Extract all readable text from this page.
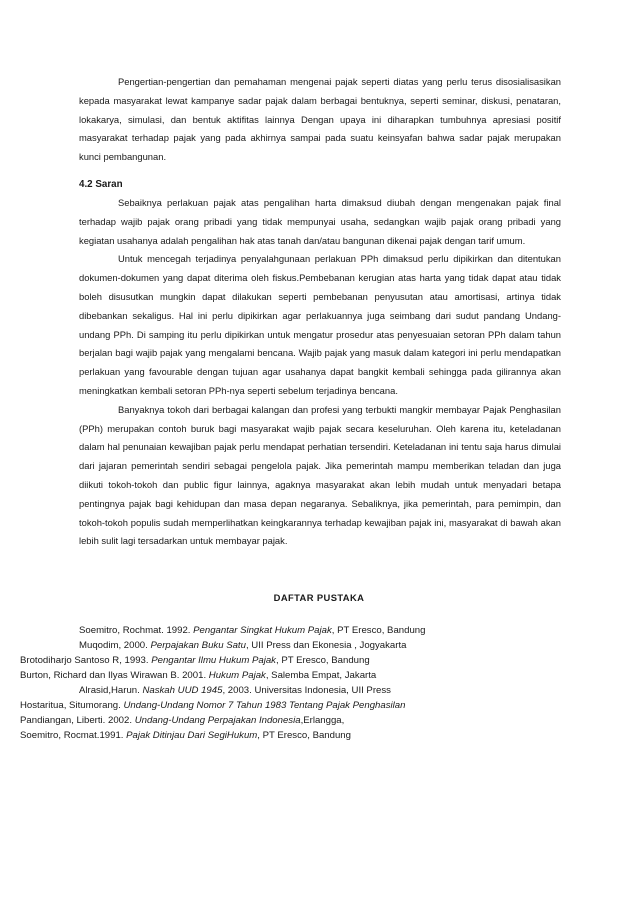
Pengertian-pengertian dan pemahaman mengenai pajak seperti diatas yang perlu terus disosialisasikan kepada masyarakat lewat kampanye sadar pajak dalam berbagai bentuknya, seperti seminar, diskusi, penataran, lokakarya, simulasi, dan bentuk aktifitas lainnya Dengan upaya ini diharapkan tumbuhnya apresiasi positif masyarakat terhadap pajak yang pada akhirnya sampai pada suatu keinsyafan bahwa sadar pajak merupakan kunci pembangunan.

4.2 Saran

Sebaiknya perlakuan pajak atas pengalihan harta dimaksud diubah dengan mengenakan pajak final terhadap wajib pajak orang pribadi yang tidak mempunyai usaha, sedangkan wajib pajak orang pribadi yang kegiatan usahanya adalah pengalihan hak atas tanah dan/atau bangunan dikenai pajak dengan tarif umum.

Untuk mencegah terjadinya penyalahgunaan perlakuan PPh dimaksud perlu dipikirkan dan ditentukan dokumen-dokumen yang dapat diterima oleh fiskus.Pembebanan kerugian atas harta yang tidak dapat atau tidak boleh disusutkan mungkin dapat dilakukan seperti pembebanan penyusutan atau amortisasi, artinya tidak dibebankan sekaligus. Hal ini perlu dipikirkan agar perlakuannya juga seimbang dari sudut pandang Undang-undang PPh. Di samping itu perlu dipikirkan untuk mengatur prosedur atas penyesuaian setoran PPh dalam tahun berjalan bagi wajib pajak yang mengalami bencana. Wajib pajak yang masuk dalam kategori ini perlu mendapatkan perlakuan yang favourable dengan tujuan agar usahanya dapat bangkit kembali sehingga pada gilirannya akan meningkatkan kembali setoran PPh-nya seperti sebelum terjadinya bencana.

Banyaknya tokoh dari berbagai kalangan dan profesi yang terbukti mangkir membayar Pajak Penghasilan (PPh) merupakan contoh buruk bagi masyarakat wajib pajak secara keseluruhan. Oleh karena itu, keteladanan dalam hal penunaian kewajiban pajak perlu mendapat perhatian tersendiri. Keteladanan ini tentu saja harus dimulai dari jajaran pemerintah sendiri sebagai pengelola pajak. Jika pemerintah mampu memberikan teladan dan juga diikuti tokoh-tokoh dan public figur lainnya, agaknya masyarakat akan lebih mudah untuk menyadari betapa pentingnya pajak bagi kehidupan dan masa depan negaranya. Sebaliknya, jika pemerintah, para pemimpin, dan tokoh-tokoh populis sudah memperlihatkan keingkarannya terhadap kewajiban pajak ini, masyarakat di bawah akan lebih sulit lagi tersadarkan untuk membayar pajak.

DAFTAR PUSTAKA
Soemitro, Rochmat. 1992. Pengantar Singkat Hukum Pajak, PT Eresco, Bandung
Muqodim, 2000. Perpajakan Buku Satu, UII Press dan Ekonesia , Jogyakarta
Brotodiharjo Santoso R, 1993. Pengantar Ilmu Hukum Pajak, PT Eresco, Bandung
Burton, Richard dan Ilyas Wirawan B. 2001. Hukum Pajak, Salemba Empat, Jakarta
Alrasid,Harun. Naskah UUD 1945, 2003. Universitas Indonesia, UII Press
Hostaritua, Situmorang. Undang-Undang Nomor 7 Tahun 1983 Tentang Pajak Penghasilan
Pandiangan, Liberti. 2002. Undang-Undang Perpajakan Indonesia,Erlangga,
Soemitro, Rocmat.1991. Pajak Ditinjau Dari SegiHukum, PT Eresco, Bandung
